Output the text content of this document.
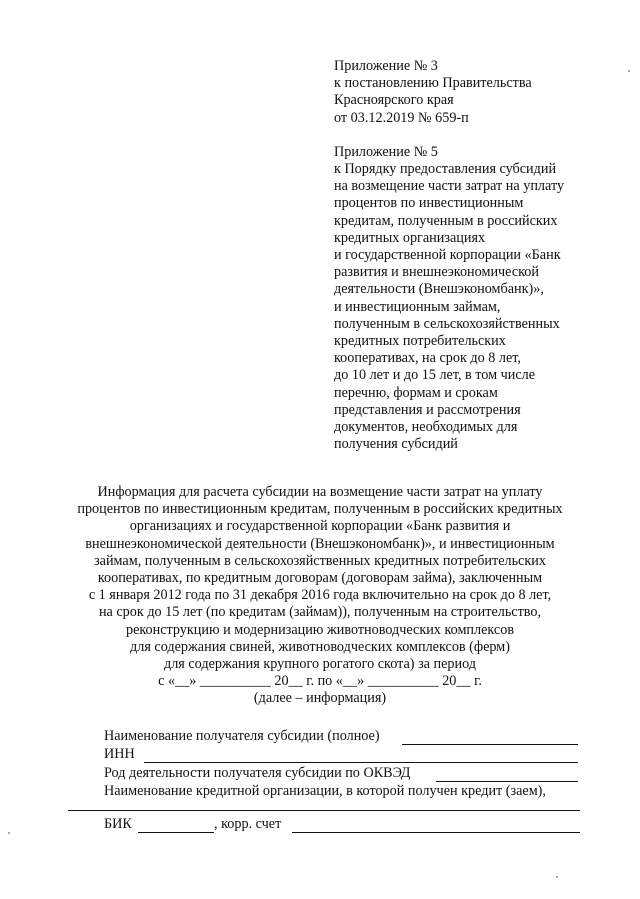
Приложение № 3
к постановлению Правительства
Красноярского края
от 03.12.2019 № 659-п
Приложение № 5
к Порядку предоставления субсидий
на возмещение части затрат на уплату
процентов по инвестиционным
кредитам, полученным в российских
кредитных организациях
и государственной корпорации «Банк
развития и внешнеэкономической
деятельности (Внешэкономбанк)»,
и инвестиционным займам,
полученным в сельскохозяйственных
кредитных потребительских
кооперативах, на срок до 8 лет,
до 10 лет и до 15 лет, в том числе
перечню, формам и срокам
представления и рассмотрения
документов, необходимых для
получения субсидий
Информация для расчета субсидии на возмещение части затрат на уплату
процентов по инвестиционным кредитам, полученным в российских кредитных
организациях и государственной корпорации «Банк развития и
внешнеэкономической деятельности (Внешэкономбанк)», и инвестиционным
займам, полученным в сельскохозяйственных кредитных потребительских
кооперативах, по кредитным договорам (договорам займа), заключенным
с 1 января 2012 года по 31 декабря 2016 года включительно на срок до 8 лет,
на срок до 15 лет (по кредитам (займам)), полученным на строительство,
реконструкцию и модернизацию животноводческих комплексов
для содержания свиней, животноводческих комплексов (ферм)
для содержания крупного рогатого скота) за период
с «__» __________ 20__ г. по «__» __________ 20__ г.
(далее – информация)
Наименование получателя субсидии (полное)
ИНН
Род деятельности получателя субсидии по ОКВЭД
Наименование кредитной организации, в которой получен кредит (заем),
БИК	, корр. счет
